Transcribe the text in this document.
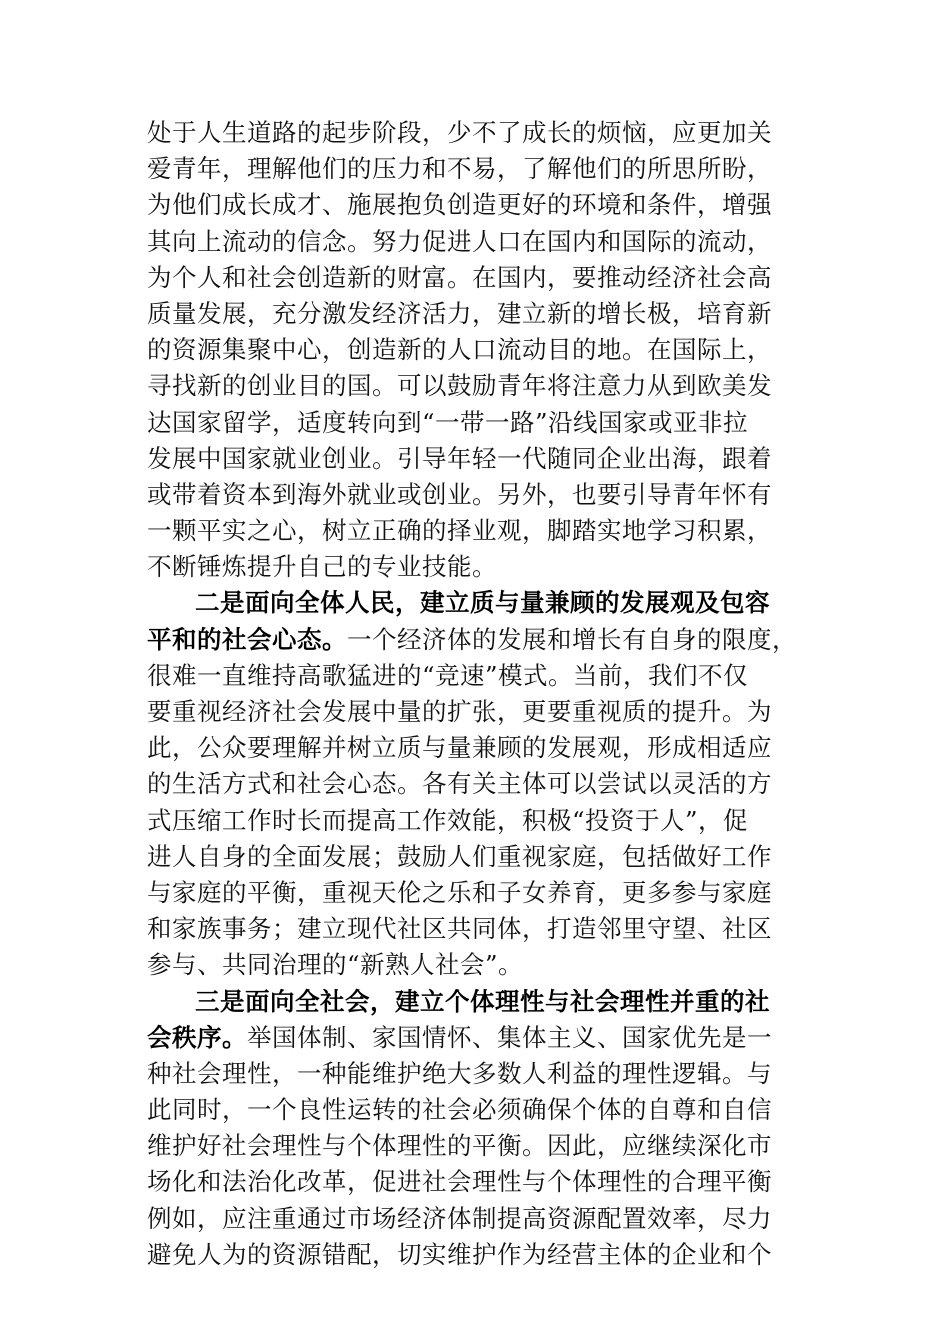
处于人生道路的起步阶段，少不了成长的烦恼，应更加关
爱青年，理解他们的压力和不易，了解他们的所思所盼，
为他们成长成才、施展抱负创造更好的环境和条件，增强
其向上流动的信念。努力促进人口在国内和国际的流动，
为个人和社会创造新的财富。在国内，要推动经济社会高
质量发展，充分激发经济活力，建立新的增长极，培育新
的资源集聚中心，创造新的人口流动目的地。在国际上，
寻找新的创业目的国。可以鼓励青年将注意力从到欧美发
达国家留学，适度转向到“一带一路”沿线国家或亚非拉
发展中国家就业创业。引导年轻一代随同企业出海，跟着
或带着资本到海外就业或创业。另外，也要引导青年怀有
一颗平实之心，树立正确的择业观，脚踏实地学习积累，
不断锤炼提升自己的专业技能。
二是面向全体人民，建立质与量兼顾的发展观及包容
平和的社会心态。一个经济体的发展和增长有自身的限度，
很难一直维持高歌猛进的“竞速”模式。当前，我们不仅
要重视经济社会发展中量的扩张，更要重视质的提升。为
此，公众要理解并树立质与量兼顾的发展观，形成相适应
的生活方式和社会心态。各有关主体可以尝试以灵活的方
式压缩工作时长而提高工作效能，积极“投资于人”，促
进人自身的全面发展；鼓励人们重视家庭，包括做好工作
与家庭的平衡，重视天伦之乐和子女养育，更多参与家庭
和家族事务；建立现代社区共同体，打造邻里守望、社区
参与、共同治理的“新熟人社会”。
三是面向全社会，建立个体理性与社会理性并重的社
会秩序。举国体制、家国情怀、集体主义、国家优先是一
种社会理性，一种能维护绝大多数人利益的理性逻辑。与
此同时，一个良性运转的社会必须确保个体的自尊和自信
维护好社会理性与个体理性的平衡。因此，应继续深化市
场化和法治化改革，促进社会理性与个体理性的合理平衡
例如，应注重通过市场经济体制提高资源配置效率，尽力
避免人为的资源错配，切实维护作为经营主体的企业和个
